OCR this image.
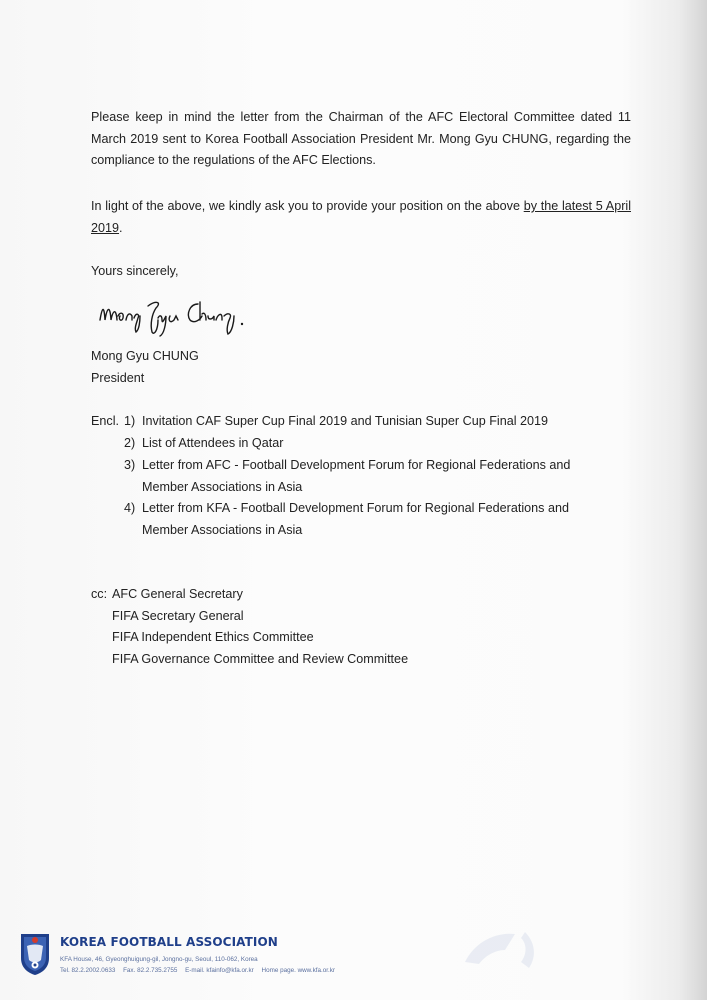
Please keep in mind the letter from the Chairman of the AFC Electoral Committee dated 11 March 2019 sent to Korea Football Association President Mr. Mong Gyu CHUNG, regarding the compliance to the regulations of the AFC Elections.

In light of the above, we kindly ask you to provide your position on the above by the latest 5 April 2019.

Yours sincerely,

Mong Gyu CHUNG

President

Encl. 1) Invitation CAF Super Cup Final 2019 and Tunisian Super Cup Final 2019
2) List of Attendees in Qatar
3) Letter from AFC - Football Development Forum for Regional Federations and
Member Associations in Asia
4) Letter from KFA - Football Development Forum for Regional Federations and
Member Associations in Asia

cc: AFC General Secretary

FIFA Secretary General

FIFA Independent Ethics Committee

FIFA Governance Committee and Review Committee

KOREA FOOTBALL ASSOCIATION
KFA House, 46, Gyeonghuigung-gil, Jongno-gu, Seoul, 110-062, Korea
Tel. 82.2.2002.0633 Fax. 82.2.735.2755 E-mail. kfainfo@kfa.or.kr Home page. www.kfa.or.kr
